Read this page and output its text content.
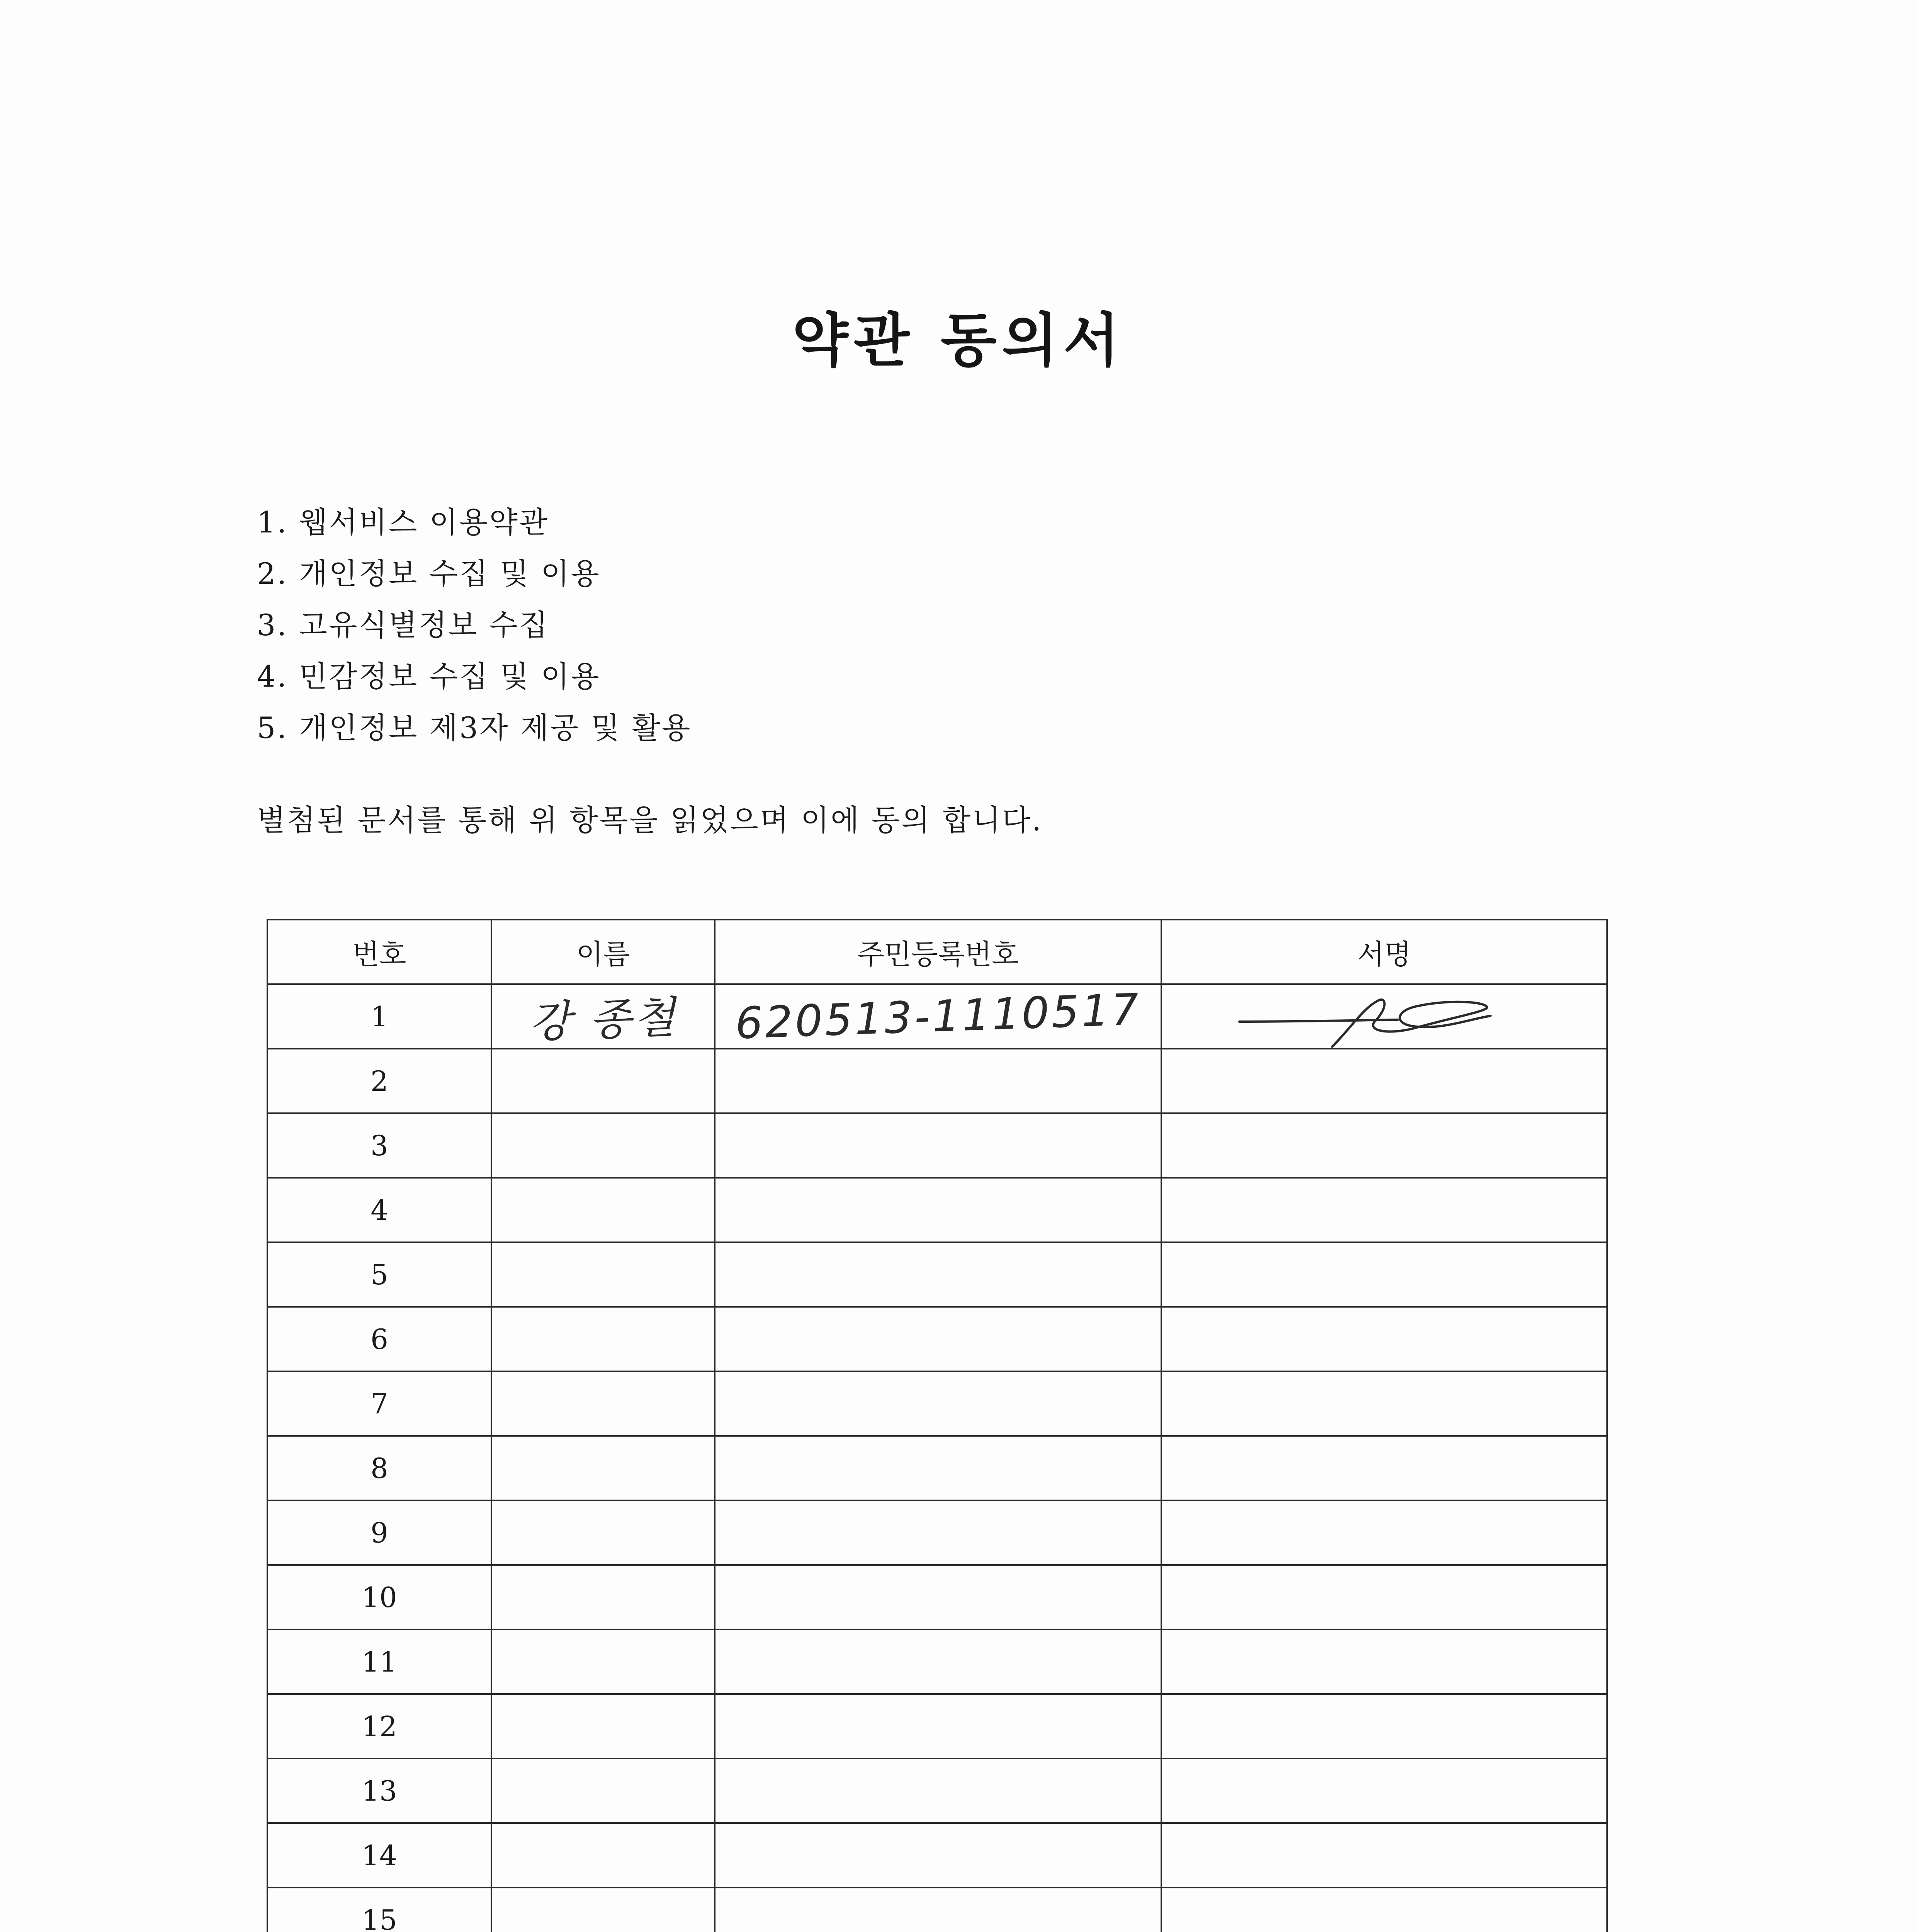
약관 동의서
1. 웹서비스 이용약관
2. 개인정보 수집 및 이용
3. 고유식별정보 수집
4. 민감정보 수집 및 이용
5. 개인정보 제3자 제공 및 활용

별첨된 문서를 통해 위 항목을 읽었으며 이에 동의 합니다.

번호	이름	주민등록번호	서명
1	강 종철	620513-1110517	

2			
3			
4			
5			
6			
7			
8			
9			
10			
11			
12			
13			
14			
15			
